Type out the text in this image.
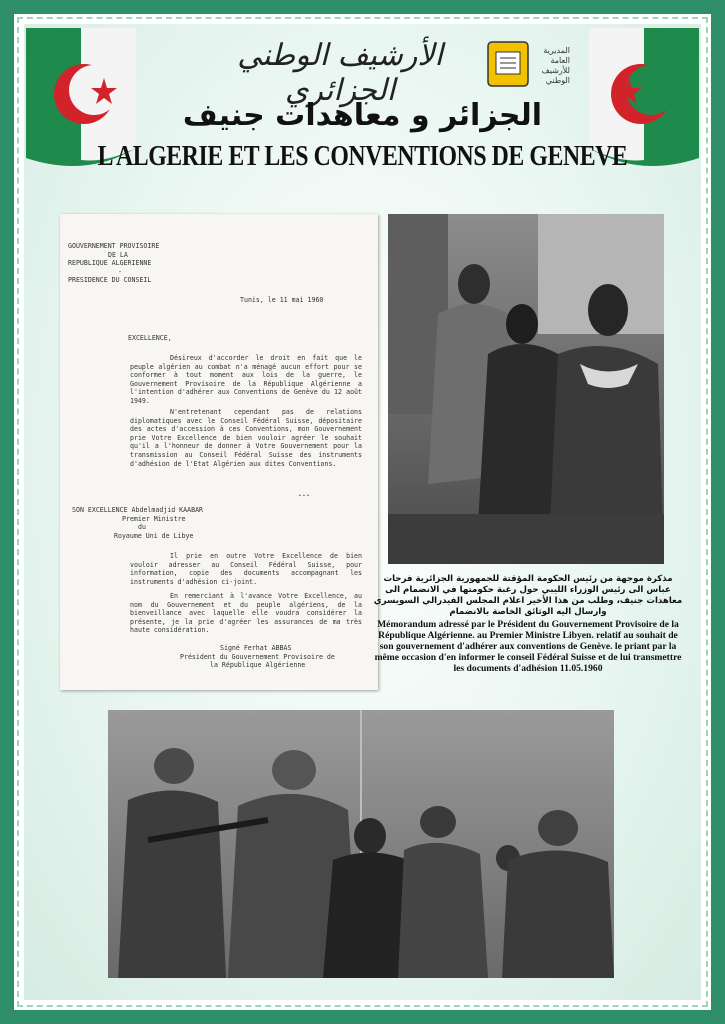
الأرشيف الوطني الجزائري
المديرية العامة للأرشيف الوطني
الجزائر و معاهدات جنيف
L ALGERIE ET LES CONVENTIONS DE GENEVE
GOUVERNEMENT PROVISOIRE
DE LA
REPUBLIQUE ALGERIENNE
-
PRESIDENCE DU CONSEIL
Tunis, le 11 mai 1960
EXCELLENCE,
Désireux d'accorder le droit en fait que le peuple algérien au combat n'a ménagé aucun effort pour se conformer à tout moment aux lois de la guerre, le Gouvernement Provisoire de la République Algérienne a l'intention d'adhérer aux Conventions de Genève du 12 août 1949.
N'entretenant cependant pas de relations diplomatiques avec le Conseil Fédéral Suisse, dépositaire des actes d'accession à ces Conventions, mon Gouvernement prie Votre Excellence de bien vouloir agréer le souhait qu'il a l'honneur de donner à Votre Gouvernement pour la transmission au Conseil Fédéral Suisse des instruments d'adhésion de l'Etat Algérien aux dites Conventions.
...
SON EXCELLENCE Abdelmadjid KAABAR
Premier Ministre
du
Royaume Uni de Libye
Il prie en outre Votre Excellence de bien vouloir adresser au Conseil Fédéral Suisse, pour information, copie des documents accompagnant les instruments d'adhésion ci-joint.
En remerciant à l'avance Votre Excellence, au nom du Gouvernement et du peuple algériens, de la bienveillance avec laquelle elle voudra considérer la présente, je la prie d'agréer les assurances de ma très haute considération.
Signé Ferhat ABBAS
Président du Gouvernement Provisoire de
la République Algérienne
مذكرة موجهة من رئيس الحكومة المؤقتة للجمهورية الجزائرية فرحات عباس الى رئيس الوزراء الليبي حول رغبة حكومتها في الانضمام الى معاهدات جنيف، وطلب من هذا الأخير اعلام المجلس الفيدرالي السويسري وارسال اليه الوثائق الخاصة بالانضمام
Mémorandum adressé par le Président du Gouvernement Provisoire de la République Algérienne. au Premier Ministre Libyen. relatif au souhait de son gouvernement d'adhérer aux conventions de Genève. le priant par la même occasion d'en informer le conseil Fédéral Suisse et de lui transmettre les documents d'adhésion 11.05.1960
